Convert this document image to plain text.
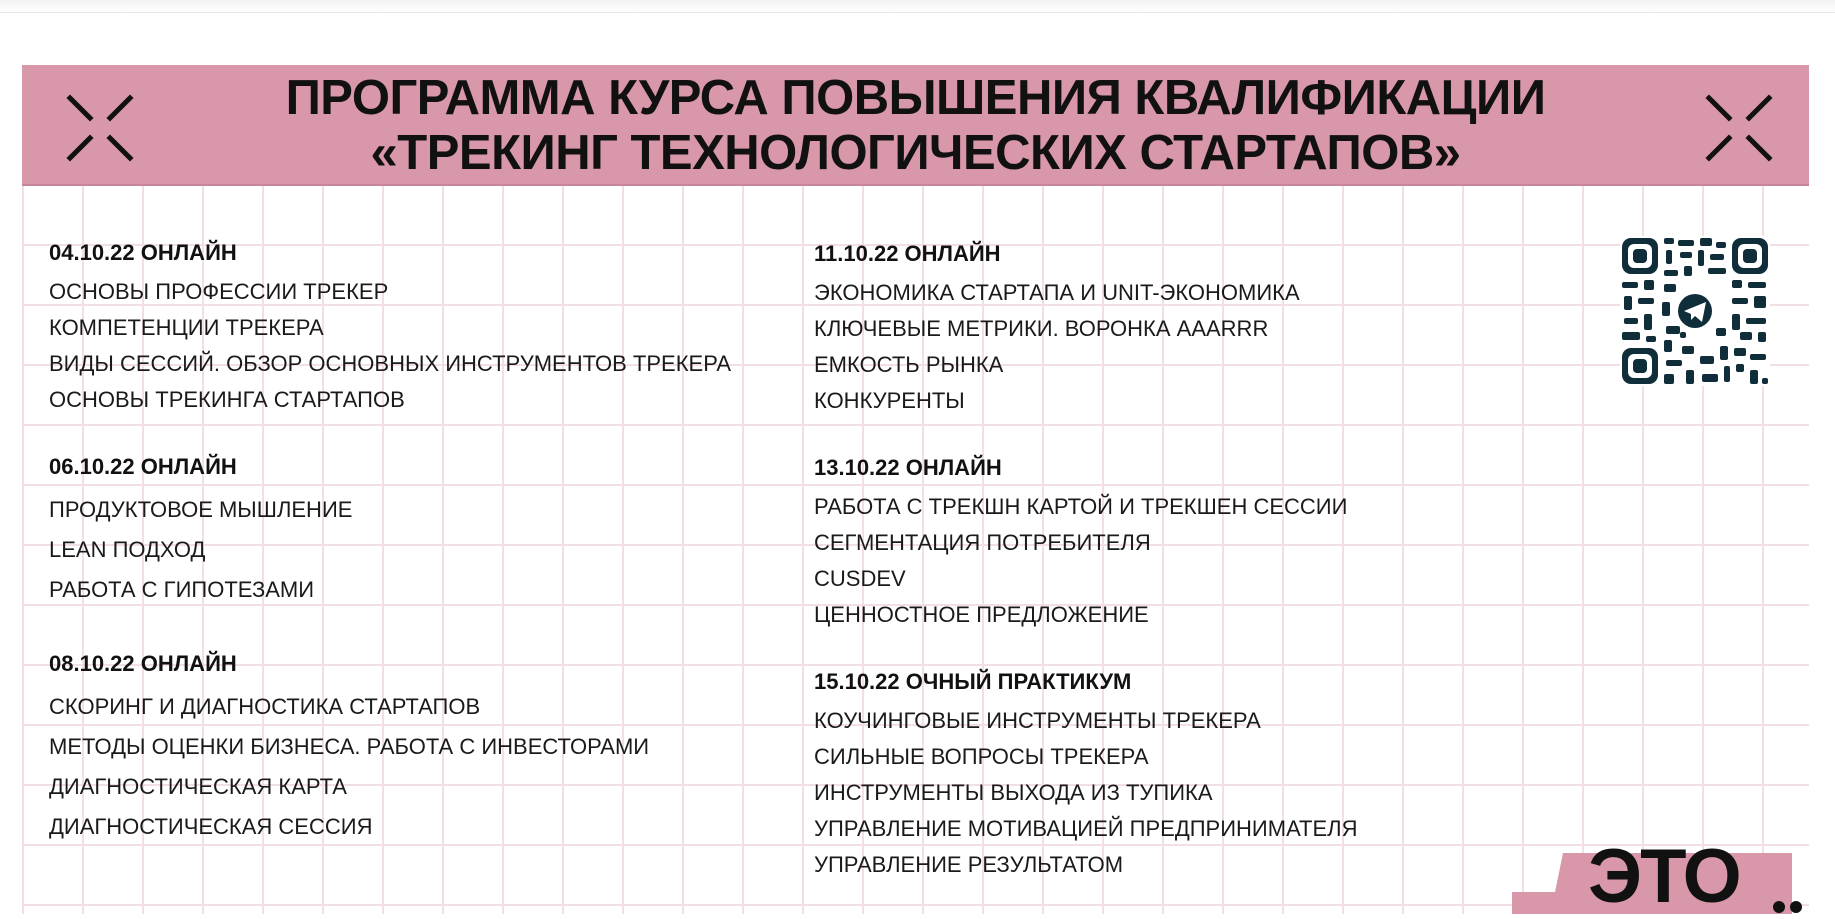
ПРОГРАММА КУРСА ПОВЫШЕНИЯ КВАЛИФИКАЦИИ
«ТРЕКИНГ ТЕХНОЛОГИЧЕСКИХ СТАРТАПОВ»

04.10.22 ОНЛАЙН

ОСНОВЫ ПРОФЕССИИ ТРЕКЕР

КОМПЕТЕНЦИИ ТРЕКЕРА

ВИДЫ СЕССИЙ. ОБЗОР ОСНОВНЫХ ИНСТРУМЕНТОВ ТРЕКЕРА

ОСНОВЫ ТРЕКИНГА СТАРТАПОВ

06.10.22 ОНЛАЙН

ПРОДУКТОВОЕ МЫШЛЕНИЕ

LEAN ПОДХОД

РАБОТА С ГИПОТЕЗАМИ

08.10.22 ОНЛАЙН

СКОРИНГ И ДИАГНОСТИКА СТАРТАПОВ

МЕТОДЫ ОЦЕНКИ БИЗНЕСА. РАБОТА С ИНВЕСТОРАМИ

ДИАГНОСТИЧЕСКАЯ КАРТА

ДИАГНОСТИЧЕСКАЯ СЕССИЯ

11.10.22 ОНЛАЙН

ЭКОНОМИКА СТАРТАПА И UNIT-ЭКОНОМИКА

КЛЮЧЕВЫЕ МЕТРИКИ. ВОРОНКА AAARRR

ЕМКОСТЬ РЫНКА

КОНКУРЕНТЫ

13.10.22 ОНЛАЙН

РАБОТА С ТРЕКШН КАРТОЙ И ТРЕКШЕН СЕССИИ

СЕГМЕНТАЦИЯ ПОТРЕБИТЕЛЯ

CUSDEV

ЦЕННОСТНОЕ ПРЕДЛОЖЕНИЕ

15.10.22 ОЧНЫЙ ПРАКТИКУМ

КОУЧИНГОВЫЕ ИНСТРУМЕНТЫ ТРЕКЕРА

СИЛЬНЫЕ ВОПРОСЫ ТРЕКЕРА

ИНСТРУМЕНТЫ ВЫХОДА ИЗ ТУПИКА

УПРАВЛЕНИЕ МОТИВАЦИЕЙ ПРЕДПРИНИМАТЕЛЯ

УПРАВЛЕНИЕ РЕЗУЛЬТАТОМ	ЭТО
